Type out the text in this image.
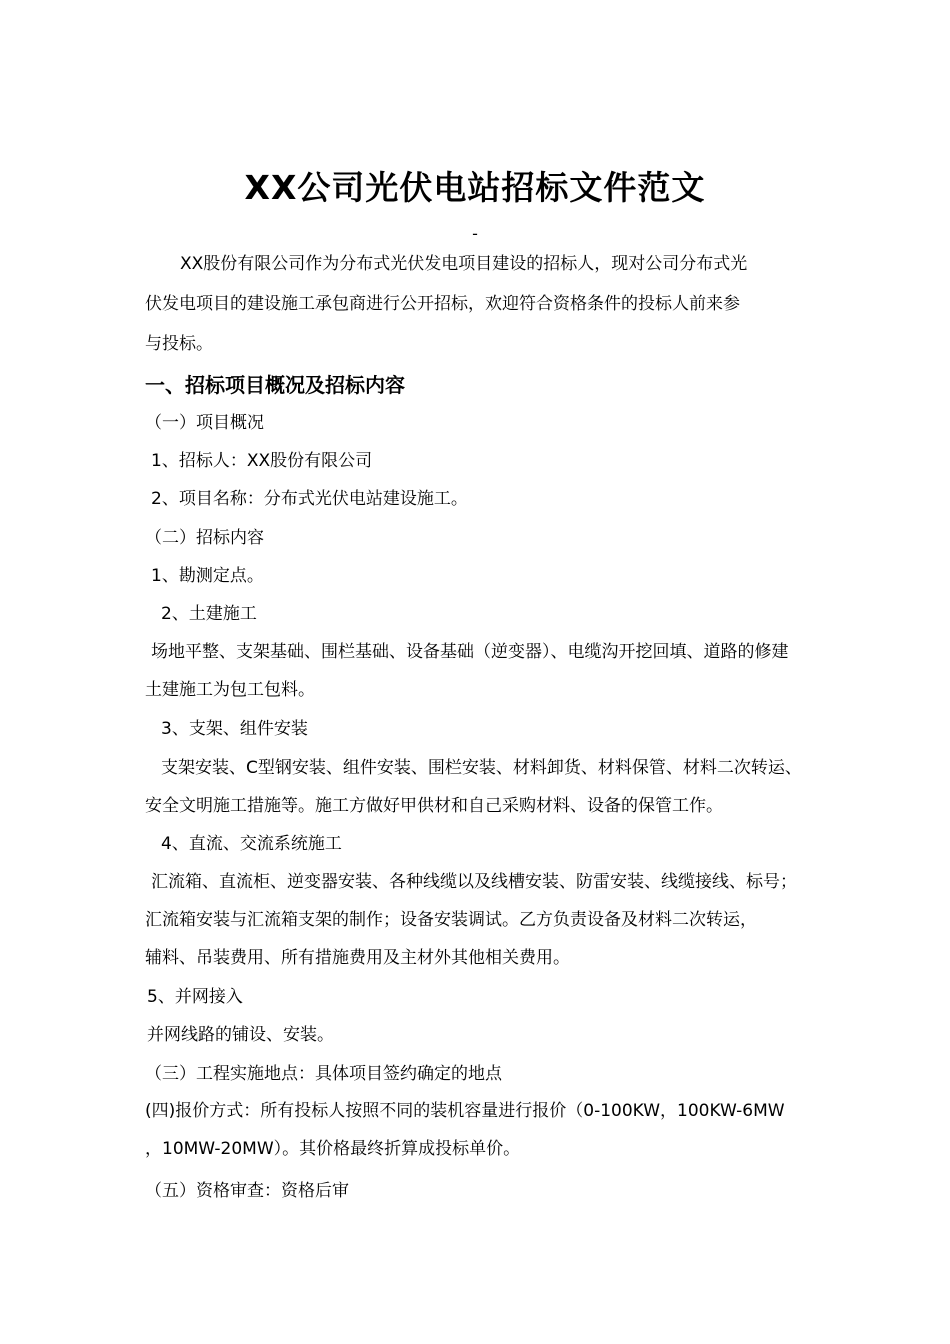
XX公司光伏电站招标文件范文
-
XX股份有限公司作为分布式光伏发电项目建设的招标人，现对公司分布式光
伏发电项目的建设施工承包商进行公开招标，欢迎符合资格条件的投标人前来参
与投标。
一、招标项目概况及招标内容
（一）项目概况
1、招标人：XX股份有限公司
2、项目名称：分布式光伏电站建设施工。
（二）招标内容
1、勘测定点。
2、土建施工
场地平整、支架基础、围栏基础、设备基础（逆变器）、电缆沟开挖回填、道路的修建
土建施工为包工包料。
3、支架、组件安装
支架安装、C型钢安装、组件安装、围栏安装、材料卸货、材料保管、材料二次转运、
安全文明施工措施等。施工方做好甲供材和自己采购材料、设备的保管工作。
4、直流、交流系统施工
汇流箱、直流柜、逆变器安装、各种线缆以及线槽安装、防雷安装、线缆接线、标号；
汇流箱安装与汇流箱支架的制作；设备安装调试。乙方负责设备及材料二次转运，
辅料、吊装费用、所有措施费用及主材外其他相关费用。
5、并网接入
并网线路的铺设、安装。
（三）工程实施地点：具体项目签约确定的地点
(四)报价方式：所有投标人按照不同的装机容量进行报价（0-100KW，100KW-6MW
，10MW-20MW）。其价格最终折算成投标单价。
（五）资格审查：资格后审
